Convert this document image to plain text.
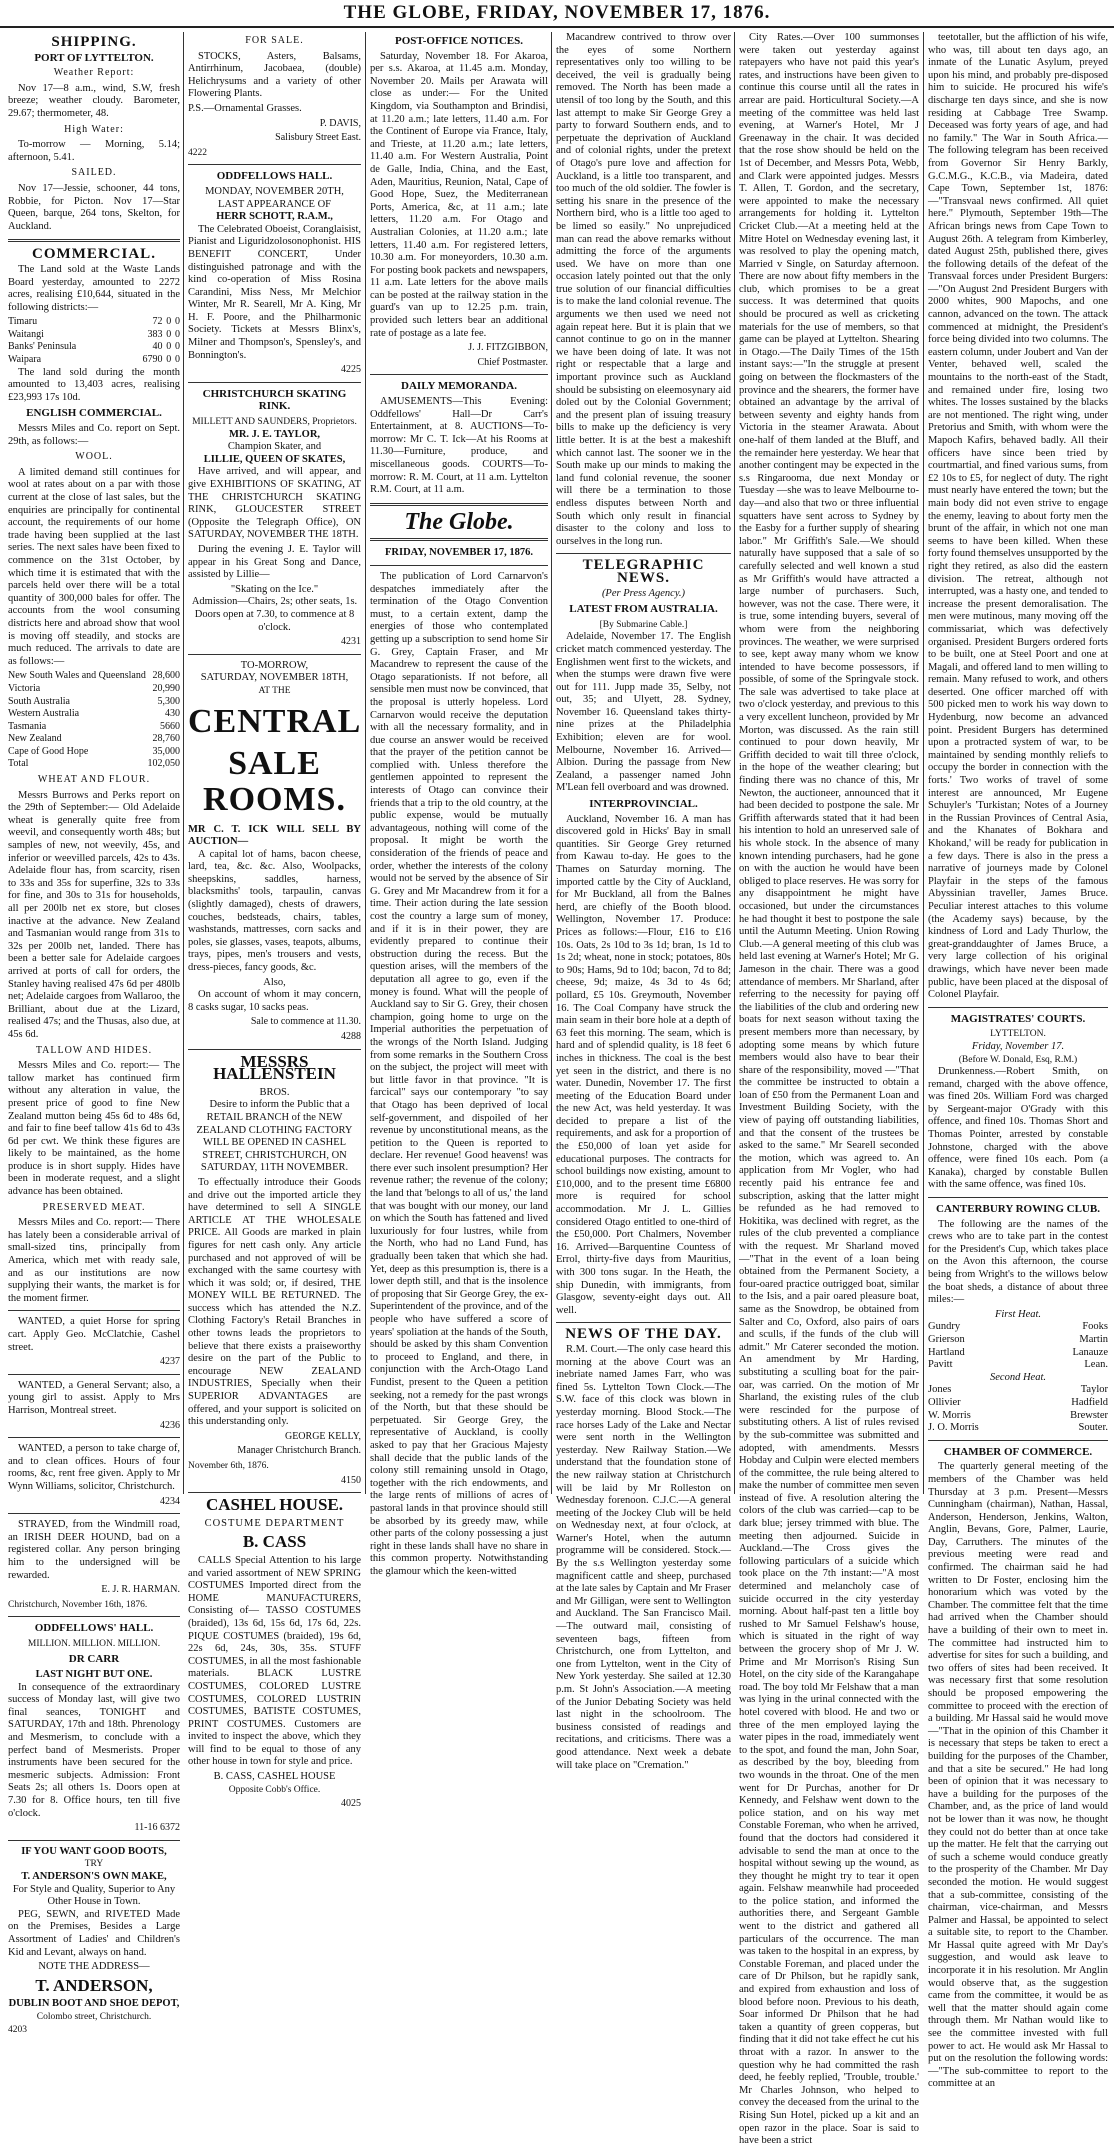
THE GLOBE, FRIDAY, NOVEMBER 17, 1876.
SHIPPING.
PORT OF LYTTELTON.
Weather Report:
Nov 17—8 a.m., wind, S.W, fresh breeze; weather cloudy. Barometer, 29.67; thermometer, 48.
High Water:
To-morrow — Morning, 5.14; afternoon, 5.41.
SAILED.
Nov 17—Jessie, schooner, 44 tons, Robbie, for Picton. Nov 17—Star Queen, barque, 264 tons, Skelton, for Auckland.
COMMERCIAL.
The Land sold at the Waste Lands Board yesterday, amounted to 2272 acres, realising £10,644, situated in the following districts:—
Timaru	72	0	0
Waitangi	383	0	0
Banks' Peninsula	40	0	0
Waipara	6790	0	0
The land sold during the month amounted to 13,403 acres, realising £23,993 17s 10d.
ENGLISH COMMERCIAL.
Messrs Miles and Co. report on Sept. 29th, as follows:—
WOOL.
A limited demand still continues for wool at rates about on a par with those current at the close of last sales, but the enquiries are principally for continental account, the requirements of our home trade having been supplied at the last series. The next sales have been fixed to commence on the 31st October, by which time it is estimated that with the parcels held over there will be a total quantity of 300,000 bales for offer. The accounts from the wool consuming districts here and abroad show that wool is moving off steadily, and stocks are much reduced. The arrivals to date are as follows:—
New South Wales and Queensland	28,600
Victoria	20,990
South Australia	5,300
Western Australia	430
Tasmania	5660
New Zealand	28,760
Cape of Good Hope	35,000
Total	102,050
WHEAT AND FLOUR.
Messrs Burrows and Perks report on the 29th of September:— Old Adelaide wheat is generally quite free from weevil, and consequently worth 48s; but samples of new, not weevily, 45s, and inferior or weevilled parcels, 42s to 43s. Adelaide flour has, from scarcity, risen to 33s and 35s for superfine, 32s to 33s for fine, and 30s to 31s for households, all per 200lb net ex store, but closes inactive at the advance. New Zealand and Tasmanian would range from 31s to 32s per 200lb net, landed. There has been a better sale for Adelaide cargoes arrived at ports of call for orders, the Stanley having realised 47s 6d per 480lb net; Adelaide cargoes from Wallaroo, the Brilliant, about due at the Lizard, realised 47s; and the Thusas, also due, at 45s 6d.
TALLOW AND HIDES.
Messrs Miles and Co. report:— The tallow market has continued firm without any alteration in value, the present price of good to fine New Zealand mutton being 45s 6d to 48s 6d, and fair to fine beef tallow 41s 6d to 43s 6d per cwt. We think these figures are likely to be maintained, as the home produce is in short supply. Hides have been in moderate request, and a slight advance has been obtained.
PRESERVED MEAT.
Messrs Miles and Co. report:— There has lately been a considerable arrival of small-sized tins, principally from America, which met with ready sale, and as our institutions are now supplying their wants, the market is for the moment firmer.
WANTED, a quiet Horse for spring cart. Apply Geo. McClatchie, Cashel street.
4237
WANTED, a General Servant; also, a young girl to assist. Apply to Mrs Harrison, Montreal street.
4236
WANTED, a person to take charge of, and to clean offices. Hours of four rooms, &c, rent free given. Apply to Mr Wynn Williams, solicitor, Christchurch.
4234
STRAYED, from the Windmill road, an IRISH DEER HOUND, bad on a registered collar. Any person bringing him to the undersigned will be rewarded.
E. J. R. HARMAN.
Christchurch, November 16th, 1876.
ODDFELLOWS' HALL.
MILLION. MILLION. MILLION.
DR CARR
LAST NIGHT BUT ONE.
In consequence of the extraordinary success of Monday last, will give two final seances, TONIGHT and SATURDAY, 17th and 18th. Phrenology and Mesmerism, to conclude with a perfect band of Mesmerists. Proper instruments have been secured for the mesmeric subjects. Admission: Front Seats 2s; all others 1s. Doors open at 7.30 for 8. Office hours, ten till five o'clock.
11-16 6372
IF YOU WANT GOOD BOOTS,
TRY
T. ANDERSON'S OWN MAKE,
For Style and Quality, Superior to Any Other House in Town.
PEG, SEWN, and RIVETED Made on the Premises, Besides a Large Assortment of Ladies' and Children's Kid and Levant, always on hand.
NOTE THE ADDRESS—
T. ANDERSON,
DUBLIN BOOT AND SHOE DEPOT,
Colombo street, Christchurch.
4203
FOR SALE.
STOCKS, Asters, Balsams, Antirrhinum, Jacobaea, (double) Helichrysums and a variety of other Flowering Plants.
P.S.—Ornamental Grasses.
P. DAVIS,
Salisbury Street East.
4222
ODDFELLOWS HALL.
MONDAY, NOVEMBER 20TH,
LAST APPEARANCE OF
HERR SCHOTT, R.A.M.,
The Celebrated Oboeist, Coranglaisist, Pianist and Liguridzolosonophonist. HIS BENEFIT CONCERT, Under distinguished patronage and with the kind co-operation of Miss Rosina Carandini, Miss Ness, Mr Melchior Winter, Mr R. Searell, Mr A. King, Mr H. F. Poore, and the Philharmonic Society. Tickets at Messrs Blinx's, Milner and Thompson's, Spensley's, and Bonnington's.
4225
CHRISTCHURCH SKATING RINK.
MILLETT AND SAUNDERS, Proprietors.
MR. J. E. TAYLOR,
Champion Skater, and
LILLIE, QUEEN OF SKATES,
Have arrived, and will appear, and give EXHIBITIONS OF SKATING, AT THE CHRISTCHURCH SKATING RINK, GLOUCESTER STREET (Opposite the Telegraph Office), ON SATURDAY, NOVEMBER THE 18TH.
During the evening J. E. Taylor will appear in his Great Song and Dance, assisted by Lillie—
"Skating on the Ice."
Admission—Chairs, 2s; other seats, 1s.
Doors open at 7.30, to commence at 8 o'clock.
4231
TO-MORROW,
SATURDAY, NOVEMBER 18TH,
AT THE
CENTRAL
SALE ROOMS.
MR C. T. ICK WILL SELL BY AUCTION—
A capital lot of hams, bacon cheese, lard, tea, &c. &c. Also, Woolpacks, sheepskins, saddles, harness, blacksmiths' tools, tarpaulin, canvas (slightly damaged), chests of drawers, couches, bedsteads, chairs, tables, washstands, mattresses, corn sacks and poles, sie glasses, vases, teapots, albums, trays, pipes, men's trousers and vests, dress-pieces, fancy goods, &c.
Also,
On account of whom it may concern, 8 casks sugar, 10 sacks peas.
Sale to commence at 11.30.
4288
MESSRS HALLENSTEIN
BROS.
Desire to inform the Public that a RETAIL BRANCH of the NEW ZEALAND CLOTHING FACTORY WILL BE OPENED IN CASHEL STREET, CHRISTCHURCH, ON SATURDAY, 11TH NOVEMBER.
To effectually introduce their Goods and drive out the imported article they have determined to sell A SINGLE ARTICLE AT THE WHOLESALE PRICE. All Goods are marked in plain figures for nett cash only. Any article purchased and not approved of will be exchanged with the same courtesy with which it was sold; or, if desired, THE MONEY WILL BE RETURNED. The success which has attended the N.Z. Clothing Factory's Retail Branches in other towns leads the proprietors to believe that there exists a praiseworthy desire on the part of the Public to encourage NEW ZEALAND INDUSTRIES, Specially when their SUPERIOR ADVANTAGES are offered, and your support is solicited on this understanding only.
GEORGE KELLY,
Manager Christchurch Branch.
November 6th, 1876.
4150
CASHEL HOUSE.
COSTUME DEPARTMENT
B. CASS
CALLS Special Attention to his large and varied assortment of NEW SPRING COSTUMES Imported direct from the HOME MANUFACTURERS, Consisting of— TASSO COSTUMES (braided), 13s 6d, 15s 6d, 17s 6d, 22s. PIQUE COSTUMES (braided), 19s 6d, 22s 6d, 24s, 30s, 35s. STUFF COSTUMES, in all the most fashionable materials. BLACK LUSTRE COSTUMES, COLORED LUSTRE COSTUMES, COLORED LUSTRIN COSTUMES, BATISTE COSTUMES, PRINT COSTUMES. Customers are invited to inspect the above, which they will find to be equal to those of any other house in town for style and price.
B. CASS, CASHEL HOUSE
Opposite Cobb's Office.
4025
POST-OFFICE NOTICES.
Saturday, November 18. For Akaroa, per s.s. Akaroa, at 11.45 a.m. Monday, November 20. Mails per Arawata will close as under:— For the United Kingdom, via Southampton and Brindisi, at 11.20 a.m.; late letters, 11.40 a.m. For the Continent of Europe via France, Italy, and Trieste, at 11.20 a.m.; late letters, 11.40 a.m. For Western Australia, Point de Galle, India, China, and the East, Aden, Mauritius, Reunion, Natal, Cape of Good Hope, Suez, the Mediterranean Ports, America, &c, at 11 a.m.; late letters, 11.20 a.m. For Otago and Australian Colonies, at 11.20 a.m.; late letters, 11.40 a.m. For registered letters, 10.30 a.m. For moneyorders, 10.30 a.m. For posting book packets and newspapers, 11 a.m. Late letters for the above mails can be posted at the railway station in the guard's van up to 12.25 p.m. train, provided such letters bear an additional rate of postage as a late fee.
J. J. FITZGIBBON,
Chief Postmaster.
DAILY MEMORANDA.
AMUSEMENTS—This Evening: Oddfellows' Hall—Dr Carr's Entertainment, at 8. AUCTIONS—To-morrow: Mr C. T. Ick—At his Rooms at 11.30—Furniture, produce, and miscellaneous goods. COURTS—To-morrow: R. M. Court, at 11 a.m. Lyttelton R.M. Court, at 11 a.m.
The Globe.
FRIDAY, NOVEMBER 17, 1876.
The publication of Lord Carnarvon's despatches immediately after the termination of the Otago Convention must, to a certain extent, damp the energies of those who contemplated getting up a subscription to send home Sir G. Grey, Captain Fraser, and Mr Macandrew to represent the cause of the Otago separationists. If not before, all sensible men must now be convinced, that the proposal is utterly hopeless. Lord Carnarvon would receive the deputation with all the necessary formality, and in due course an answer would be received that the prayer of the petition cannot be complied with. Unless therefore the gentlemen appointed to represent the interests of Otago can convince their friends that a trip to the old country, at the public expense, would be mutually advantageous, nothing will come of the proposal. It might be worth the consideration of the friends of peace and order, whether the interests of the colony would not be served by the absence of Sir G. Grey and Mr Macandrew from it for a time. Their action during the late session cost the country a large sum of money, and if it is in their power, they are evidently prepared to continue their obstruction during the recess. But the question arises, will the members of the deputation all agree to go, even if the money is found. What will the people of Auckland say to Sir G. Grey, their chosen champion, going home to urge on the Imperial authorities the perpetuation of the wrongs of the North Island. Judging from some remarks in the Southern Cross on the subject, the project will meet with but little favor in that province. "It is farcical" says our contemporary "to say that Otago has been deprived of local self-government, and dispoiled of her revenue by unconstitutional means, as the petition to the Queen is reported to declare. Her revenue! Good heavens! was there ever such insolent presumption? Her revenue rather; the revenue of the colony; the land that 'belongs to all of us,' the land that was bought with our money, our land on which the South has fattened and lived luxuriously for four lustres, while from the North, who had no Land Fund, has gradually been taken that which she had. Yet, deep as this presumption is, there is a lower depth still, and that is the insolence of proposing that Sir George Grey, the ex-Superintendent of the province, and of the people who have suffered a score of years' spoliation at the hands of the South, should be asked by this sham Convention to proceed to England, and there, in conjunction with the Arch-Otago Land Fundist, present to the Queen a petition seeking, not a remedy for the past wrongs of the North, but that these should be perpetuated. Sir George Grey, the representative of Auckland, is coolly asked to pay that her Gracious Majesty shall decide that the public lands of the colony still remaining unsold in Otago, together with the rich endowments, and the large rents of millions of acres of pastoral lands in that province should still be absorbed by its greedy maw, while other parts of the colony possessing a just right in these lands shall have no share in this common property. Notwithstanding the glamour which the keen-witted
Macandrew contrived to throw over the eyes of some Northern representatives only too willing to be deceived, the veil is gradually being removed. The North has been made a utensil of too long by the South, and this last attempt to make Sir George Grey a party to forward Southern ends, and to perpetuate the deprivation of Auckland and of colonial rights, under the pretext of Otago's pure love and affection for Auckland, is a little too transparent, and too much of the old soldier. The fowler is setting his snare in the presence of the Northern bird, who is a little too aged to be limed so easily." No unprejudiced man can read the above remarks without admitting the force of the arguments used. We have on more than one occasion lately pointed out that the only true solution of our financial difficulties is to make the land colonial revenue. The arguments we then used we need not again repeat here. But it is plain that we cannot continue to go on in the manner we have been doing of late. It was not right or respectable that a large and important province such as Auckland should be subsisting on eleemosynary aid doled out by the Colonial Government; and the present plan of issuing treasury bills to make up the deficiency is very little better. It is at the best a makeshift which cannot last. The sooner we in the South make up our minds to making the land fund colonial revenue, the sooner will there be a termination to those endless disputes between North and South which only result in financial disaster to the colony and loss to ourselves in the long run.
TELEGRAPHIC NEWS.
(Per Press Agency.)
LATEST FROM AUSTRALIA.
[By Submarine Cable.]
Adelaide, November 17. The English cricket match commenced yesterday. The Englishmen went first to the wickets, and when the stumps were drawn five were out for 111. Jupp made 35, Selby, not out, 35; and Ulyett, 28. Sydney, November 16. Queensland takes thirty-nine prizes at the Philadelphia Exhibition; eleven are for wool. Melbourne, November 16. Arrived—Albion. During the passage from New Zealand, a passenger named John M'Lean fell overboard and was drowned.
INTERPROVINCIAL.
Auckland, November 16. A man has discovered gold in Hicks' Bay in small quantities. Sir George Grey returned from Kawau to-day. He goes to the Thames on Saturday morning. The imported cattle by the City of Auckland, for Mr Buckland, all from the Balnes herd, are chiefly of the Booth blood. Wellington, November 17. Produce: Prices as follows:—Flour, £16 to £16 10s. Oats, 2s 10d to 3s 1d; bran, 1s 1d to 1s 2d; wheat, none in stock; potatoes, 80s to 90s; Hams, 9d to 10d; bacon, 7d to 8d; cheese, 9d; maize, 4s 3d to 4s 6d; pollard, £5 10s. Greymouth, November 16. The Coal Company have struck the main seam in their bore hole at a depth of 63 feet this morning. The seam, which is hard and of splendid quality, is 18 feet 6 inches in thickness. The coal is the best yet seen in the district, and there is no water. Dunedin, November 17. The first meeting of the Education Board under the new Act, was held yesterday. It was decided to prepare a list of the requirements, and ask for a proportion of the £50,000 of loan yet aside for educational purposes. The contracts for school buildings now existing, amount to £10,000, and to the present time £6800 more is required for school accommodation. Mr J. L. Gillies considered Otago entitled to one-third of the £50,000. Port Chalmers, November 16. Arrived—Barquentine Countess of Errol, thirty-five days from Mauritius, with 300 tons sugar. In the Heath, the ship Dunedin, with immigrants, from Glasgow, seventy-eight days out. All well.
NEWS OF THE DAY.
R.M. Court.—The only case heard this morning at the above Court was an inebriate named James Farr, who was fined 5s. Lyttelton Town Clock.—The S.W. face of this clock was blown in yesterday morning. Blood Stock.—The race horses Lady of the Lake and Nectar were sent north in the Wellington yesterday. New Railway Station.—We understand that the foundation stone of the new railway station at Christchurch will be laid by Mr Rolleston on Wednesday forenoon. C.J.C.—A general meeting of the Jockey Club will be held on Wednesday next, at four o'clock, at Warner's Hotel, when the autumn programme will be considered. Stock.—By the s.s Wellington yesterday some magnificent cattle and sheep, purchased at the late sales by Captain and Mr Fraser and Mr Gilligan, were sent to Wellington and Auckland. The San Francisco Mail.—The outward mail, consisting of seventeen bags, fifteen from Christchurch, one from Lyttelton, and one from Lyttelton, went in the City of New York yesterday. She sailed at 12.30 p.m. St John's Association.—A meeting of the Junior Debating Society was held last night in the schoolroom. The business consisted of readings and recitations, and criticisms. There was a good attendance. Next week a debate will take place on "Cremation."
City Rates.—Over 100 summonses were taken out yesterday against ratepayers who have not paid this year's rates, and instructions have been given to continue this course until all the rates in arrear are paid. Horticultural Society.—A meeting of the committee was held last evening, at Warner's Hotel, Mr J Greenaway in the chair. It was decided that the rose show should be held on the 1st of December, and Messrs Pota, Webb, and Clark were appointed judges. Messrs T. Allen, T. Gordon, and the secretary, were appointed to make the necessary arrangements for holding it. Lyttelton Cricket Club.—At a meeting held at the Mitre Hotel on Wednesday evening last, it was resolved to play the opening match, Married v Single, on Saturday afternoon. There are now about fifty members in the club, which promises to be a great success. It was determined that quoits should be procured as well as cricketing materials for the use of members, so that game can be played at Lyttelton. Shearing in Otago.—The Daily Times of the 15th instant says:—"In the struggle at present going on between the flockmasters of the province and the shearers, the former have obtained an advantage by the arrival of between seventy and eighty hands from Victoria in the steamer Arawata. About one-half of them landed at the Bluff, and the remainder here yesterday. We hear that another contingent may be expected in the s.s Ringarooma, due next Monday or Tuesday —she was to leave Melbourne to-day—and also that two or three influential squatters have sent across to Sydney by the Easby for a further supply of shearing labor." Mr Griffith's Sale.—We should naturally have supposed that a sale of so carefully selected and well known a stud as Mr Griffith's would have attracted a large number of purchasers. Such, however, was not the case. There were, it is true, some intending buyers, several of whom were from the neighboring provinces. The weather, we were surprised to see, kept away many whom we know intended to have become possessors, if possible, of some of the Springvale stock. The sale was advertised to take place at two o'clock yesterday, and previous to this a very excellent luncheon, provided by Mr Morton, was discussed. As the rain still continued to pour down heavily, Mr Griffith decided to wait till three o'clock, in the hope of the weather clearing; but finding there was no chance of this, Mr Newton, the auctioneer, announced that it had been decided to postpone the sale. Mr Griffith afterwards stated that it had been his intention to hold an unreserved sale of his whole stock. In the absence of many known intending purchasers, had he gone on with the auction he would have been obliged to place reserves. He was sorry for any disappointment he might have occasioned, but under the circumstances he had thought it best to postpone the sale until the Autumn Meeting. Union Rowing Club.—A general meeting of this club was held last evening at Warner's Hotel; Mr G. Jameson in the chair. There was a good attendance of members. Mr Sharland, after referring to the necessity for paying off the liabilities of the club and ordering new boats for next season without taxing the present members more than necessary, by adopting some means by which future members would also have to bear their share of the responsibility, moved —"That the committee be instructed to obtain a loan of £50 from the Permanent Loan and Investment Building Society, with the view of paying off outstanding liabilities, and that the consent of the trustees be asked to the same." Mr Searell seconded the motion, which was agreed to. An application from Mr Vogler, who had recently paid his entrance fee and subscription, asking that the latter might be refunded as he had removed to Hokitika, was declined with regret, as the rules of the club prevented a compliance with the request. Mr Sharland moved—"That in the event of a loan being obtained from the Permanent Society, a four-oared practice outrigged boat, similar to the Isis, and a pair oared pleasure boat, same as the Snowdrop, be obtained from Salter and Co, Oxford, also pairs of oars and sculls, if the funds of the club will admit." Mr Caterer seconded the motion. An amendment by Mr Harding, substituting a sculling boat for the pair-oar, was carried. On the motion of Mr Sharland, the existing rules of the club were rescinded for the purpose of substituting others. A list of rules revised by the sub-committee was submitted and adopted, with amendments. Messrs Hobday and Culpin were elected members of the committee, the rule being altered to make the number of committee men seven instead of five. A resolution altering the colors of the club was carried—cap to be dark blue; jersey trimmed with blue. The meeting then adjourned. Suicide in Auckland.—The Cross gives the following particulars of a suicide which took place on the 7th instant:—"A most determined and melancholy case of suicide occurred in the city yesterday morning. About half-past ten a little boy rushed to Mr Samuel Felshaw's house, which is situated in the right of way between the grocery shop of Mr J. W. Prime and Mr Morrison's Rising Sun Hotel, on the city side of the Karangahape road. The boy told Mr Felshaw that a man was lying in the urinal connected with the hotel covered with blood. He and two or three of the men employed laying the water pipes in the road, immediately went to the spot, and found the man, John Soar, as described by the boy, bleeding from two wounds in the throat. One of the men went for Dr Purchas, another for Dr Kennedy, and Felshaw went down to the police station, and on his way met Constable Foreman, who when he arrived, found that the doctors had considered it advisable to send the man at once to the hospital without sewing up the wound, as they thought he might try to tear it open again. Felshaw meanwhile had proceeded to the police station, and informed the authorities there, and Sergeant Gamble went to the district and gathered all particulars of the occurrence. The man was taken to the hospital in an express, by Constable Foreman, and placed under the care of Dr Philson, but he rapidly sank, and expired from exhaustion and loss of blood before noon. Previous to his death, Soar informed Dr Philson that he had taken a quantity of green copperas, but finding that it did not take effect he cut his throat with a razor. In answer to the question why he had committed the rash deed, he feebly replied, 'Trouble, trouble.' Mr Charles Johnson, who helped to convey the deceased from the urinal to the Rising Sun Hotel, picked up a kit and an open razor in the place. Soar is said to have been a strict
teetotaller, but the affliction of his wife, who was, till about ten days ago, an inmate of the Lunatic Asylum, preyed upon his mind, and probably pre-disposed him to suicide. He procured his wife's discharge ten days since, and she is now residing at Cabbage Tree Swamp. Deceased was forty years of age, and had no family." The War in South Africa.—The following telegram has been received from Governor Sir Henry Barkly, G.C.M.G., K.C.B., via Madeira, dated Cape Town, September 1st, 1876:—"Transvaal news confirmed. All quiet here." Plymouth, September 19th—The African brings news from Cape Town to August 26th. A telegram from Kimberley, dated August 25th, published there, gives the following details of the defeat of the Transvaal forces under President Burgers:—"On August 2nd President Burgers with 2000 whites, 900 Mapochs, and one cannon, advanced on the town. The attack commenced at midnight, the President's force being divided into two columns. The eastern column, under Joubert and Van der Venter, behaved well, scaled the mountains to the north-east of the Stadt, and remained under fire, losing two whites. The losses sustained by the blacks are not mentioned. The right wing, under Pretorius and Smith, with whom were the Mapoch Kafirs, behaved badly. All their officers have since been tried by courtmartial, and fined various sums, from £2 10s to £5, for neglect of duty. The right must nearly have entered the town; but the main body did not even strive to engage the enemy, leaving to about forty men the brunt of the affair, in which not one man seems to have been killed. When these forty found themselves unsupported by the right they retired, as also did the eastern division. The retreat, although not interrupted, was a hasty one, and tended to increase the present demoralisation. The men were mutinous, many moving off the commissariat, which was defectively organised. President Burgers ordered forts to be built, one at Steel Poort and one at Magali, and offered land to men willing to remain. Many refused to work, and others deserted. One officer marched off with 500 picked men to work his way down to Hydenburg, now become an advanced point. President Burgers has determined upon a protracted system of war, to be maintained by sending monthly reliefs to occupy the border in connection with the forts.' Two works of travel of some interest are announced, Mr Eugene Schuyler's 'Turkistan; Notes of a Journey in the Russian Provinces of Central Asia, and the Khanates of Bokhara and Khokand,' will be ready for publication in a few days. There is also in the press a narrative of journeys made by Colonel Playfair in the steps of the famous Abyssinian traveller, James Bruce. Peculiar interest attaches to this volume (the Academy says) because, by the kindness of Lord and Lady Thurlow, the great-granddaughter of James Bruce, a very large collection of his original drawings, which have never been made public, have been placed at the disposal of Colonel Playfair.
MAGISTRATES' COURTS.
LYTTELTON.
Friday, November 17.
(Before W. Donald, Esq, R.M.)
Drunkenness.—Robert Smith, on remand, charged with the above offence, was fined 20s. William Ford was charged by Sergeant-major O'Grady with this offence, and fined 10s. Thomas Short and Thomas Pointer, arrested by constable Johnstone, charged with the above offence, were fined 10s each. Pom (a Kanaka), charged by constable Bullen with the same offence, was fined 10s.
CANTERBURY ROWING CLUB.
The following are the names of the crews who are to take part in the contest for the President's Cup, which takes place on the Avon this afternoon, the course being from Wright's to the willows below the boat sheds, a distance of about three miles:—
First Heat.
Gundry	Fooks
Grierson	Martin
Hartland	Lanauze
Pavitt	Lean.
Second Heat.
Jones	Taylor
Ollivier	Hadfield
W. Morris	Brewster
J. O. Morris	Souter.
CHAMBER OF COMMERCE.
The quarterly general meeting of the members of the Chamber was held Thursday at 3 p.m. Present—Messrs Cunningham (chairman), Nathan, Hassal, Anderson, Henderson, Jenkins, Walton, Anglin, Bevans, Gore, Palmer, Laurie, Day, Carruthers. The minutes of the previous meeting were read and confirmed. The chairman said he had written to Dr Foster, enclosing him the honorarium which was voted by the Chamber. The committee felt that the time had arrived when the Chamber should have a building of their own to meet in. The committee had instructed him to advertise for sites for such a building, and two offers of sites had been received. It was necessary first that some resolution should be proposed empowering the committee to proceed with the erection of a building. Mr Hassal said he would move—"That in the opinion of this Chamber it is necessary that steps be taken to erect a building for the purposes of the Chamber, and that a site be secured." He had long been of opinion that it was necessary to have a building for the purposes of the Chamber, and, as the price of land would not be lower than it was now, he thought they could not do better than at once take up the matter. He felt that the carrying out of such a scheme would conduce greatly to the prosperity of the Chamber. Mr Day seconded the motion. He would suggest that a sub-committee, consisting of the chairman, vice-chairman, and Messrs Palmer and Hassal, be appointed to select a suitable site, to report to the Chamber. Mr Hassal quite agreed with Mr Day's suggestion, and would ask leave to incorporate it in his resolution. Mr Anglin would observe that, as the suggestion came from the committee, it would be as well that the matter should again come through them. Mr Nathan would like to see the committee invested with full power to act. He would ask Mr Hassal to put on the resolution the following words:—"The sub-committee to report to the committee at an
